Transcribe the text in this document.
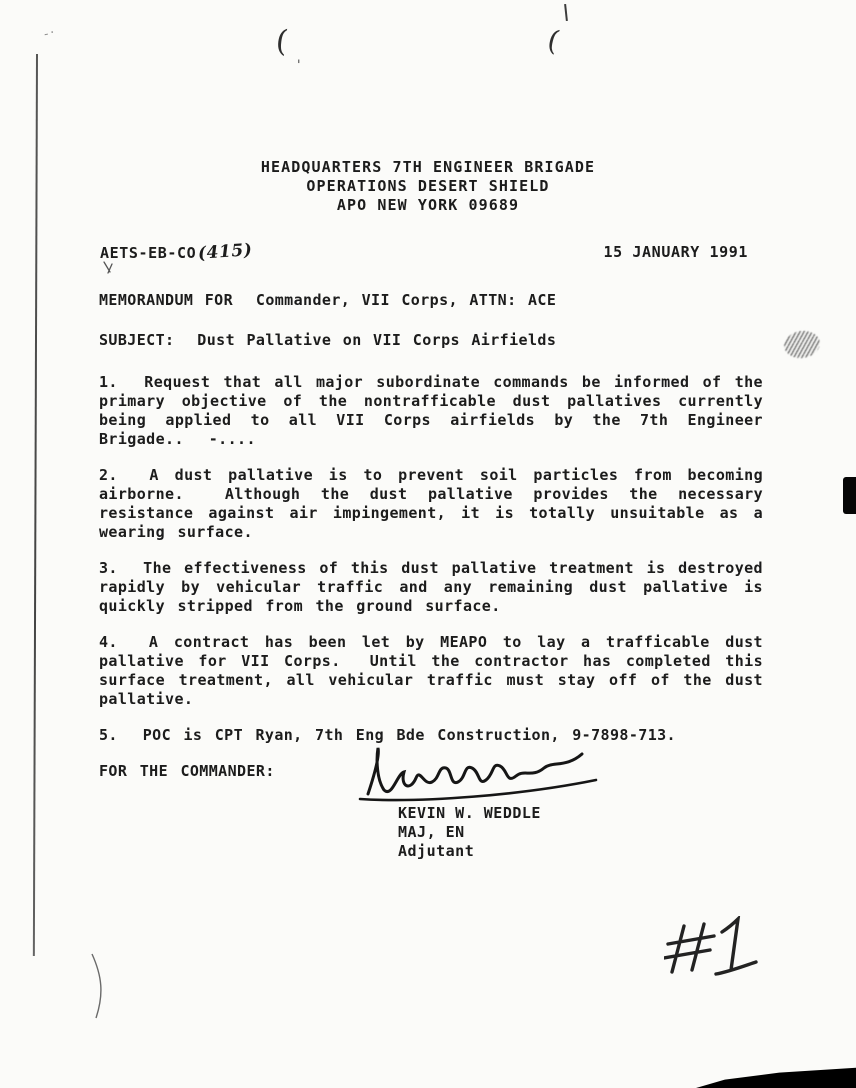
(
'
(
-·
HEADQUARTERS 7TH ENGINEER BRIGADE
OPERATIONS DESERT SHIELD
APO NEW YORK 09689
AETS-EB-CO(415)	15 JANUARY 1991
MEMORANDUM FOR  Commander, VII Corps, ATTN: ACE
SUBJECT:  Dust Pallative on VII Corps Airfields

1.  Request that all major subordinate commands be informed of the primary objective of the nontrafficable dust pallatives currently being applied to all VII Corps airfields by the 7th Engineer Brigade..  -....

2.  A dust pallative is to prevent soil particles from becoming airborne.  Although the dust pallative provides the necessary resistance against air impingement, it is totally unsuitable as a wearing surface.

3.  The effectiveness of this dust pallative treatment is destroyed rapidly by vehicular traffic and any remaining dust pallative is quickly stripped from the ground surface.

4.  A contract has been let by MEAPO to lay a trafficable dust pallative for VII Corps.  Until the contractor has completed this surface treatment, all vehicular traffic must stay off of the dust pallative.

5.  POC is CPT Ryan, 7th Eng Bde Construction, 9-7898-713.

FOR THE COMMANDER:

KEVIN W. WEDDLE
MAJ, EN
Adjutant
